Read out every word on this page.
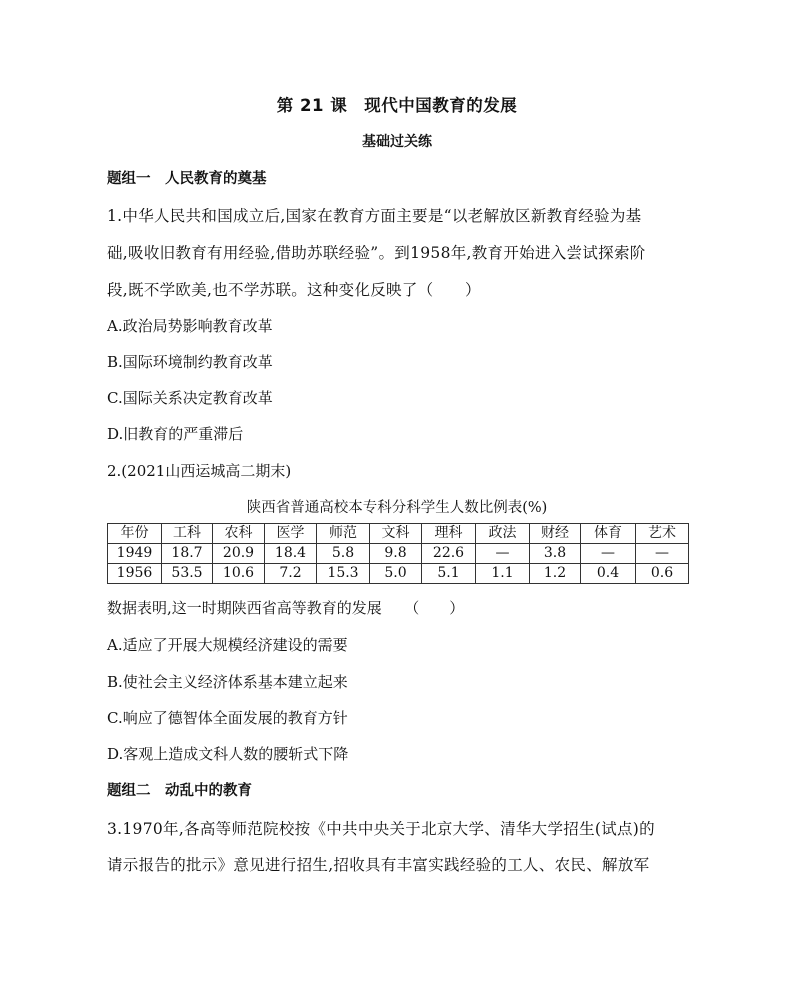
第 21 课　现代中国教育的发展
基础过关练
题组一　人民教育的奠基
1.中华人民共和国成立后,国家在教育方面主要是“以老解放区新教育经验为基
础,吸收旧教育有用经验,借助苏联经验”。到1958年,教育开始进入尝试探索阶
段,既不学欧美,也不学苏联。这种变化反映了（　　）
A.政治局势影响教育改革
B.国际环境制约教育改革
C.国际关系决定教育改革
D.旧教育的严重滞后
2.(2021山西运城高二期末)
陕西省普通高校本专科分科学生人数比例表(%)
年份	工科	农科	医学	师范	文科	理科	政法	财经	体育	艺术
1949	18.7	20.9	18.4	5.8	9.8	22.6	—	3.8	—	—
1956	53.5	10.6	7.2	15.3	5.0	5.1	1.1	1.2	0.4	0.6
数据表明,这一时期陕西省高等教育的发展　　（　　）
A.适应了开展大规模经济建设的需要
B.使社会主义经济体系基本建立起来
C.响应了德智体全面发展的教育方针
D.客观上造成文科人数的腰斩式下降
题组二　动乱中的教育
3.1970年,各高等师范院校按《中共中央关于北京大学、清华大学招生(试点)的
请示报告的批示》意见进行招生,招收具有丰富实践经验的工人、农民、解放军
